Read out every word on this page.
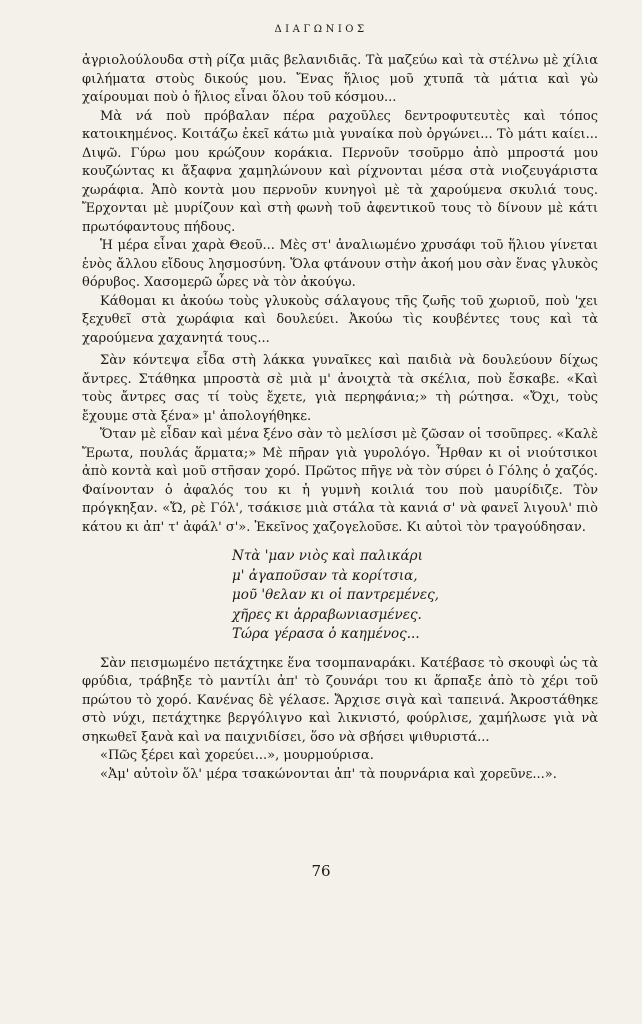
ΔΙΑΓΩΝΙΟΣ

ἀγριολούλουδα στὴ ρίζα μιᾶς βελανιδιᾶς. Τὰ μαζεύω καὶ τὰ στέλνω μὲ χίλια φιλήματα στοὺς δικούς μου. Ἔνας ἥλιος μοῦ χτυπᾶ τὰ μάτια καὶ γὼ χαίρουμαι ποὺ ὁ ἥλιος εἶναι ὅλου τοῦ κόσμου...

Μὰ νά ποὺ πρόβαλαν πέρα ραχοῦλες δεντροφυτευτὲς καὶ τόπος κατοικημένος. Κοιτάζω ἐκεῖ κάτω μιὰ γυναίκα ποὺ ὀργώνει... Τὸ μάτι καίει... Διψῶ. Γύρω μου κρώζουν κοράκια. Περνοῦν τσοῦρμο ἀπὸ μπροστά μου κουζώντας κι ἄξαφνα χαμηλώνουν καὶ ρίχνονται μέσα στὰ νιοζευγάριστα χωράφια. Ἀπὸ κοντὰ μου περνοῦν κυνηγοὶ μὲ τὰ χαρούμενα σκυλιά τους. Ἔρχονται μὲ μυρίζουν καὶ στὴ φωνὴ τοῦ ἀφεντικοῦ τους τὸ δίνουν μὲ κάτι πρωτόφαντους πήδους.

Ἡ μέρα εἶναι χαρὰ Θεοῦ... Μὲς στ' ἀναλιωμένο χρυσάφι τοῦ ἥλιου γίνεται ἑνὸς ἄλλου εἴδους λησμοσύνη. Ὅλα φτάνουν στὴν ἀκοή μου σὰν ἕνας γλυκὸς θόρυβος. Χασομερῶ ὧρες νὰ τὸν ἀκούγω.

Κάθομαι κι ἀκούω τοὺς γλυκοὺς σάλαγους τῆς ζωῆς τοῦ χωριοῦ, ποὺ 'χει ξεχυθεῖ στὰ χωράφια καὶ δουλεύει. Ἀκούω τὶς κουβέντες τους καὶ τὰ χαρούμενα χαχανητά τους...

Σὰν κόντεψα εἶδα στὴ λάκκα γυναῖκες καὶ παιδιὰ νὰ δουλεύουν δίχως ἄντρες. Στάθηκα μπροστὰ σὲ μιὰ μ' ἀνοιχτὰ τὰ σκέλια, ποὺ ἔσκαβε. «Καὶ τοὺς ἄντρες σας τί τοὺς ἔχετε, γιὰ περηφάνια;» τὴ ρώτησα. «Ὄχι, τοὺς ἔχουμε στὰ ξένα» μ' ἀπολογήθηκε.

Ὅταν μὲ εἶδαν καὶ μένα ξένο σὰν τὸ μελίσσι μὲ ζῶσαν οἱ τσοῦπρες. «Καλὲ Ἔρωτα, πουλάς ἅρματα;» Μὲ πῆραν γιὰ γυρολόγο. Ἦρθαν κι οἱ νιούτσικοι ἀπὸ κοντὰ καὶ μοῦ στῆσαν χορό. Πρῶτος πῆγε νὰ τὸν σύρει ὁ Γόλης ὁ χαζός. Φαίνονταν ὁ ἀφαλός του κι ἡ γυμνὴ κοιλιά του ποὺ μαυρίδιζε. Τὸν πρόγκηξαν. «Ὤ, ρὲ Γόλ', τσάκισε μιὰ στάλα τὰ κανιά σ' νὰ φανεῖ λιγουλ' πιὸ κάτου κι ἀπ' τ' ἀφάλ' σ'». Ἐκεῖνος χαζογελοῦσε. Κι αὐτοὶ τὸν τραγούδησαν.

Ντὰ 'μαν νιὸς καὶ παλικάρι
μ' ἀγαποῦσαν τὰ κορίτσια,
μοῦ 'θελαν κι οἱ παντρεμένες,
χῆρες κι ἀρραβωνιασμένες.
Τώρα γέρασα ὁ καημένος...

Σὰν πεισμωμένο πετάχτηκε ἕνα τσομπαναράκι. Κατέβασε τὸ σκουφὶ ὡς τὰ φρύδια, τράβηξε τὸ μαντίλι ἀπ' τὸ ζουνάρι του κι ἅρπαξε ἀπὸ τὸ χέρι τοῦ πρώτου τὸ χορό. Κανένας δὲ γέλασε. Ἄρχισε σιγὰ καὶ ταπεινά. Ἀκροστάθηκε στὸ νύχι, πετάχτηκε βεργόλιγνο καὶ λικνιστό, φούρλισε, χαμήλωσε γιὰ νὰ σηκωθεῖ ξανὰ καὶ να παιχνιδίσει, ὅσο νὰ σβήσει ψιθυριστά...

«Πῶς ξέρει καὶ χορεύει...», μουρμούρισα.

«Ἀμ' αὐτοὶν ὅλ' μέρα τσακώνονται ἀπ' τὰ πουρνάρια καὶ χορεῦνε...».

76
